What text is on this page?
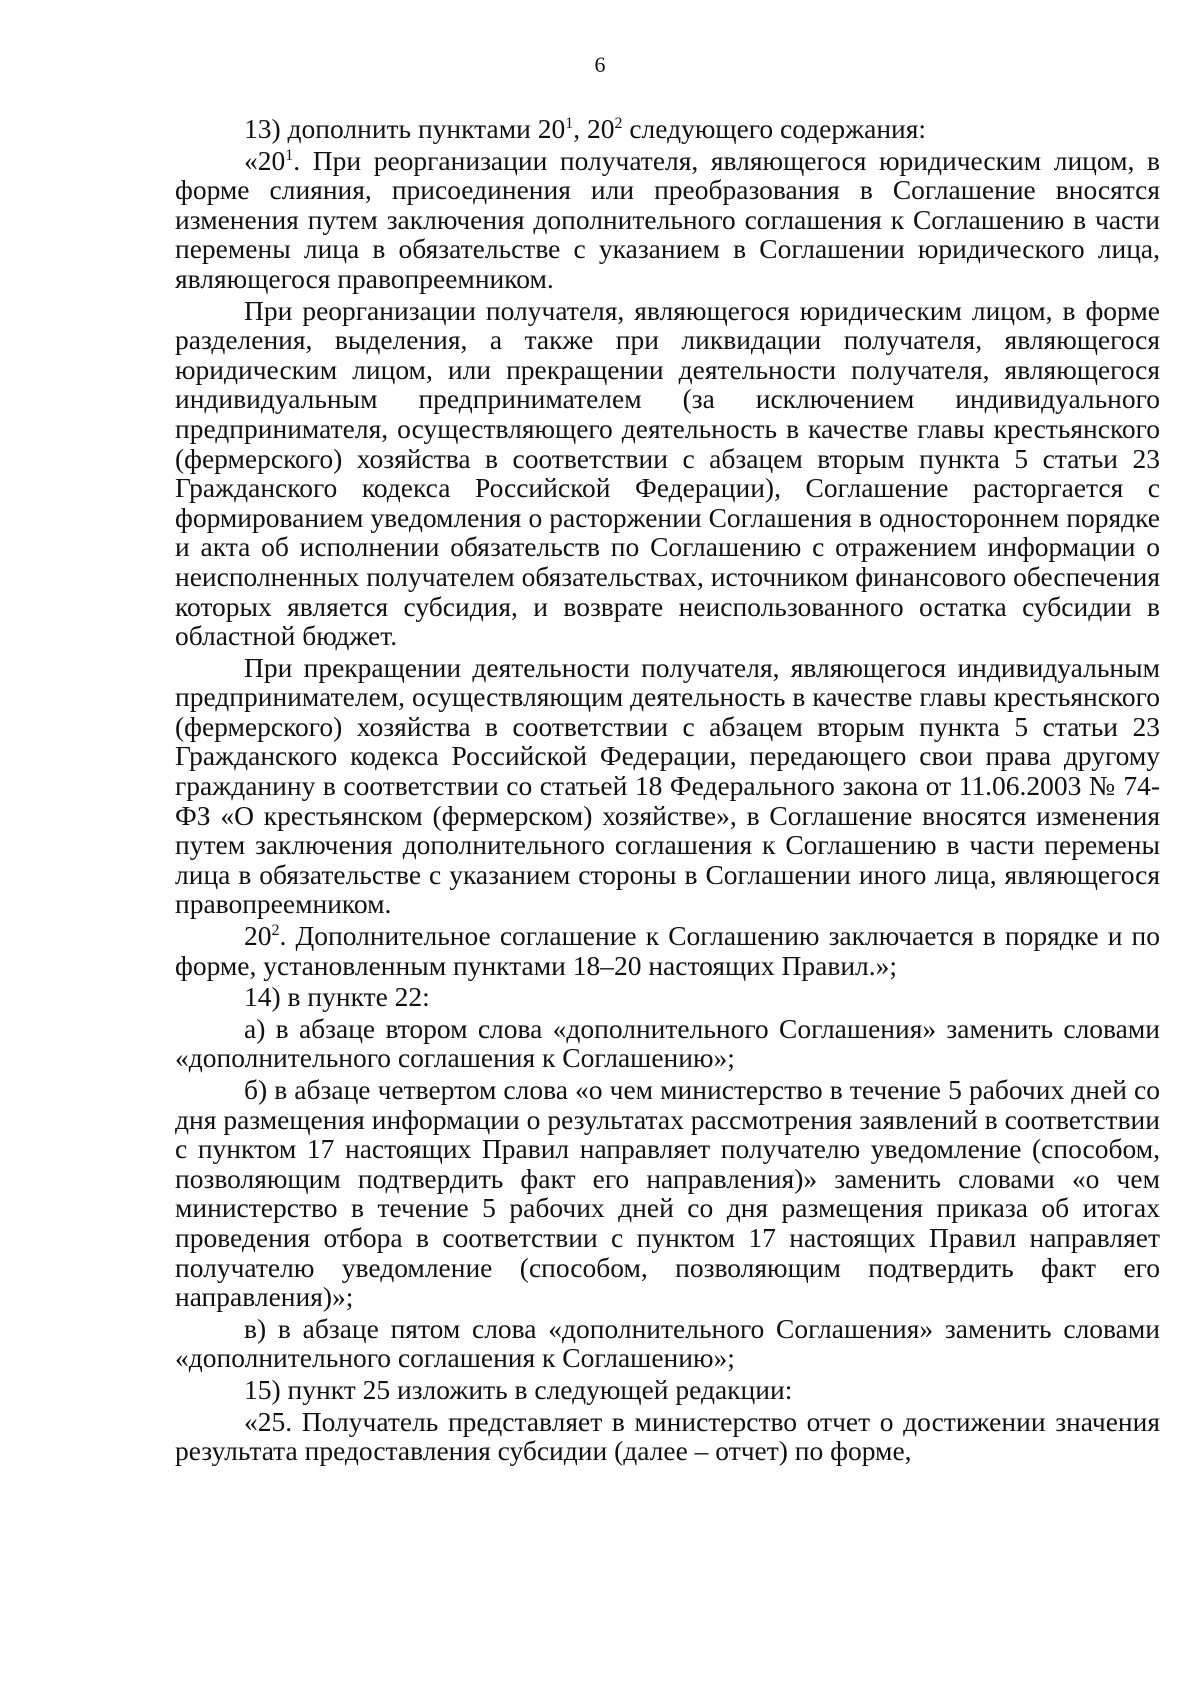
6

13) дополнить пунктами $20^1$, $20^2$ следующего содержания:

«$20^1$. При реорганизации получателя, являющегося юридическим лицом, в форме слияния, присоединения или преобразования в Соглашение вносятся изменения путем заключения дополнительного соглашения к Соглашению в части перемены лица в обязательстве с указанием в Соглашении юридического лица, являющегося правопреемником.

При реорганизации получателя, являющегося юридическим лицом, в форме разделения, выделения, а также при ликвидации получателя, являющегося юридическим лицом, или прекращении деятельности получателя, являющегося индивидуальным предпринимателем (за исключением индивидуального предпринимателя, осуществляющего деятельность в качестве главы крестьянского (фермерского) хозяйства в соответствии с абзацем вторым пункта 5 статьи 23 Гражданского кодекса Российской Федерации), Соглашение расторгается с формированием уведомления о расторжении Соглашения в одностороннем порядке и акта об исполнении обязательств по Соглашению с отражением информации о неисполненных получателем обязательствах, источником финансового обеспечения которых является субсидия, и возврате неиспользованного остатка субсидии в областной бюджет.

При прекращении деятельности получателя, являющегося индивидуальным предпринимателем, осуществляющим деятельность в качестве главы крестьянского (фермерского) хозяйства в соответствии с абзацем вторым пункта 5 статьи 23 Гражданского кодекса Российской Федерации, передающего свои права другому гражданину в соответствии со статьей 18 Федерального закона от 11.06.2003 № 74-ФЗ «О крестьянском (фермерском) хозяйстве», в Соглашение вносятся изменения путем заключения дополнительного соглашения к Соглашению в части перемены лица в обязательстве с указанием стороны в Соглашении иного лица, являющегося правопреемником.

$20^2$. Дополнительное соглашение к Соглашению заключается в порядке и по форме, установленным пунктами 18–20 настоящих Правил.»;

14) в пункте 22:

а) в абзаце втором слова «дополнительного Соглашения» заменить словами «дополнительного соглашения к Соглашению»;

б) в абзаце четвертом слова «о чем министерство в течение 5 рабочих дней со дня размещения информации о результатах рассмотрения заявлений в соответствии с пунктом 17 настоящих Правил направляет получателю уведомление (способом, позволяющим подтвердить факт его направления)» заменить словами «о чем министерство в течение 5 рабочих дней со дня размещения приказа об итогах проведения отбора в соответствии с пунктом 17 настоящих Правил направляет получателю уведомление (способом, позволяющим подтвердить факт его направления)»;

в) в абзаце пятом слова «дополнительного Соглашения» заменить словами «дополнительного соглашения к Соглашению»;

15) пункт 25 изложить в следующей редакции:

«25. Получатель представляет в министерство отчет о достижении значения результата предоставления субсидии (далее – отчет) по форме,
